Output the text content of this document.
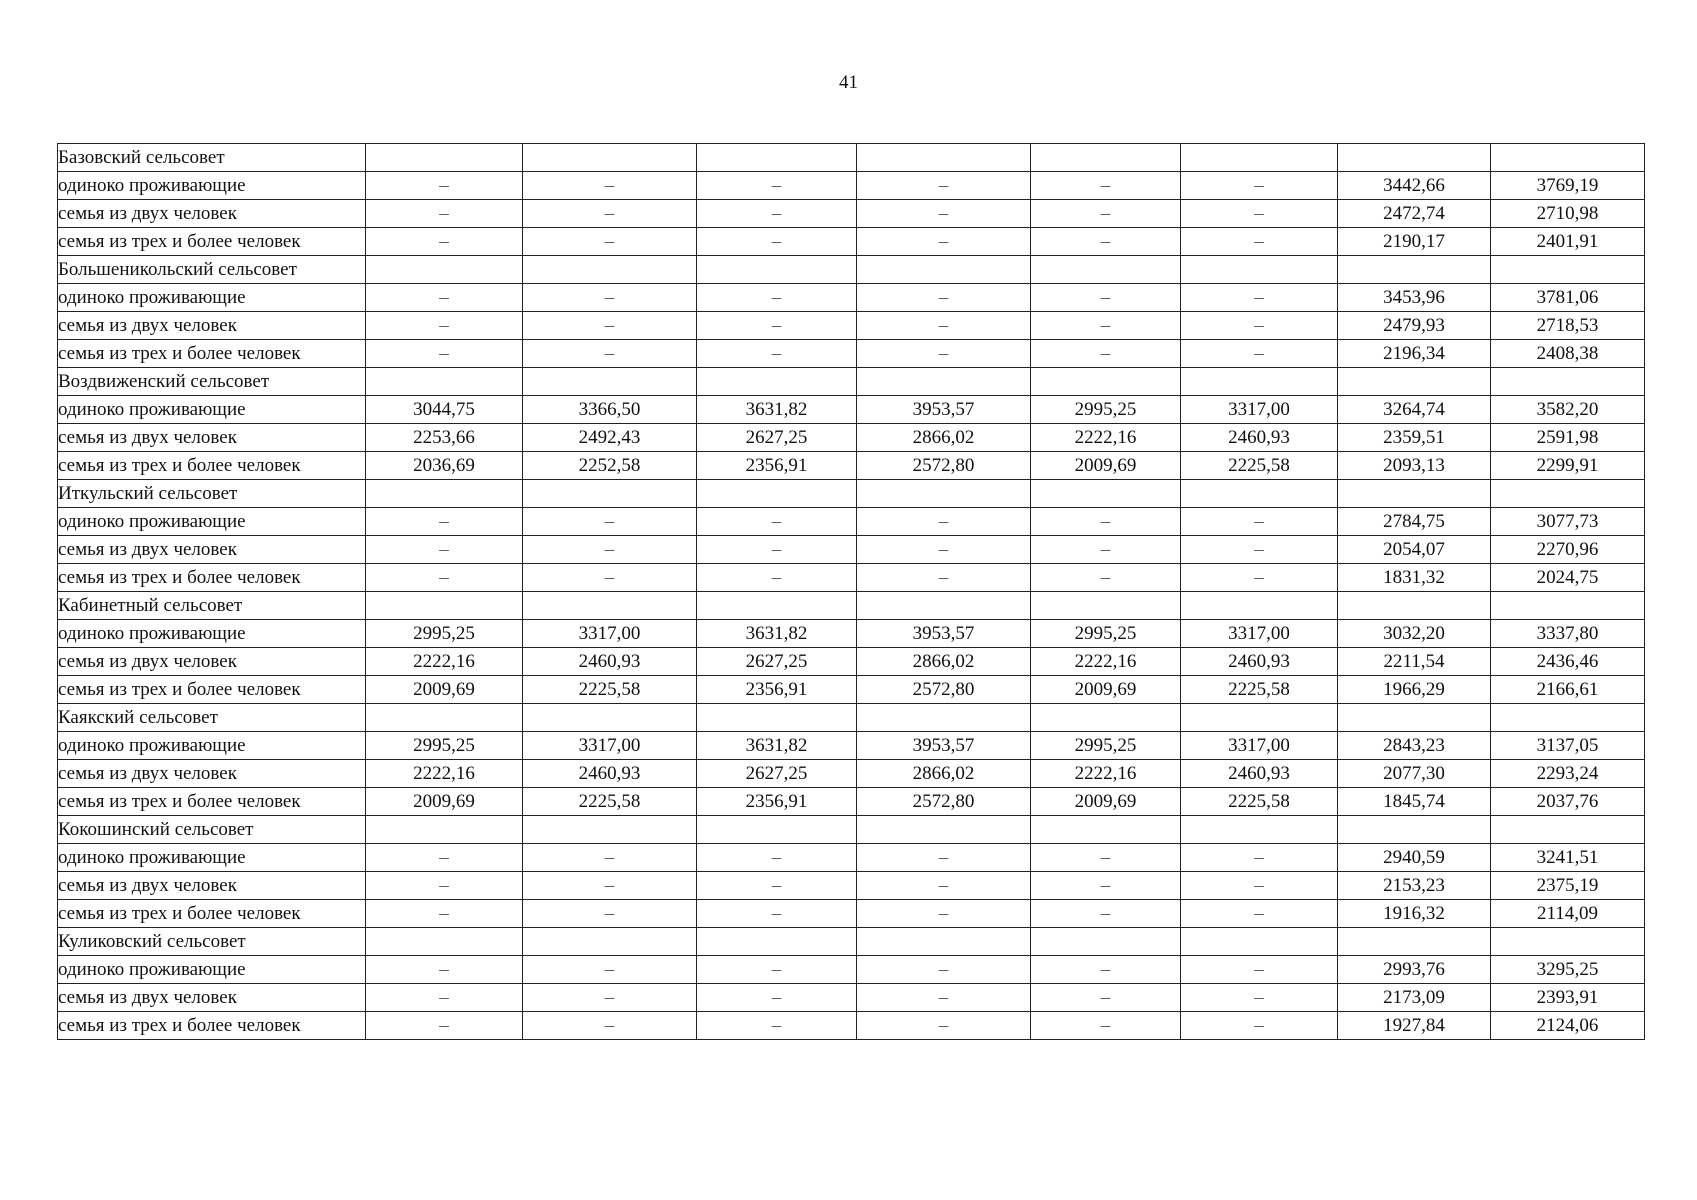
41
Базовский сельсовет								
одиноко проживающие	–	–	–	–	–	–	3442,66	3769,19
семья из двух человек	–	–	–	–	–	–	2472,74	2710,98
семья из трех и более человек	–	–	–	–	–	–	2190,17	2401,91
Большеникольский сельсовет								
одиноко проживающие	–	–	–	–	–	–	3453,96	3781,06
семья из двух человек	–	–	–	–	–	–	2479,93	2718,53
семья из трех и более человек	–	–	–	–	–	–	2196,34	2408,38
Воздвиженский сельсовет								
одиноко проживающие	3044,75	3366,50	3631,82	3953,57	2995,25	3317,00	3264,74	3582,20
семья из двух человек	2253,66	2492,43	2627,25	2866,02	2222,16	2460,93	2359,51	2591,98
семья из трех и более человек	2036,69	2252,58	2356,91	2572,80	2009,69	2225,58	2093,13	2299,91
Иткульский сельсовет								
одиноко проживающие	–	–	–	–	–	–	2784,75	3077,73
семья из двух человек	–	–	–	–	–	–	2054,07	2270,96
семья из трех и более человек	–	–	–	–	–	–	1831,32	2024,75
Кабинетный сельсовет								
одиноко проживающие	2995,25	3317,00	3631,82	3953,57	2995,25	3317,00	3032,20	3337,80
семья из двух человек	2222,16	2460,93	2627,25	2866,02	2222,16	2460,93	2211,54	2436,46
семья из трех и более человек	2009,69	2225,58	2356,91	2572,80	2009,69	2225,58	1966,29	2166,61
Каякский сельсовет								
одиноко проживающие	2995,25	3317,00	3631,82	3953,57	2995,25	3317,00	2843,23	3137,05
семья из двух человек	2222,16	2460,93	2627,25	2866,02	2222,16	2460,93	2077,30	2293,24
семья из трех и более человек	2009,69	2225,58	2356,91	2572,80	2009,69	2225,58	1845,74	2037,76
Кокошинский сельсовет								
одиноко проживающие	–	–	–	–	–	–	2940,59	3241,51
семья из двух человек	–	–	–	–	–	–	2153,23	2375,19
семья из трех и более человек	–	–	–	–	–	–	1916,32	2114,09
Куликовский сельсовет								
одиноко проживающие	–	–	–	–	–	–	2993,76	3295,25
семья из двух человек	–	–	–	–	–	–	2173,09	2393,91
семья из трех и более человек	–	–	–	–	–	–	1927,84	2124,06
